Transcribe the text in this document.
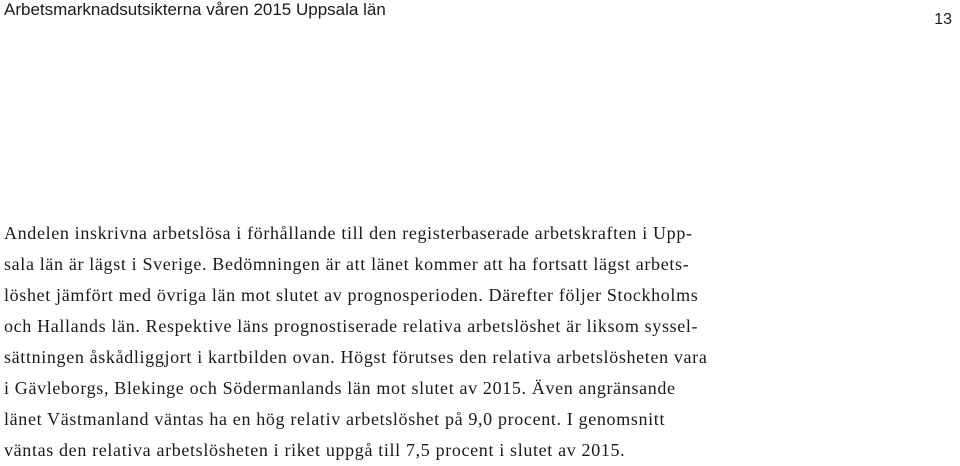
Arbetsmarknadsutsikterna våren 2015 Uppsala län
13

Andelen inskrivna arbetslösa i förhållande till den registerbaserade arbetskraften i Upp-
sala län är lägst i Sverige. Bedömningen är att länet kommer att ha fortsatt lägst arbets-
löshet jämfört med övriga län mot slutet av prognosperioden. Därefter följer Stockholms
och Hallands län. Respektive läns prognostiserade relativa arbetslöshet är liksom syssel-
sättningen åskådliggjort i kartbilden ovan. Högst förutses den relativa arbetslösheten vara
i Gävleborgs, Blekinge och Södermanlands län mot slutet av 2015. Även angränsande
länet Västmanland väntas ha en hög relativ arbetslöshet på 9,0 procent. I genomsnitt
väntas den relativa arbetslösheten i riket uppgå till 7,5 procent i slutet av 2015.
